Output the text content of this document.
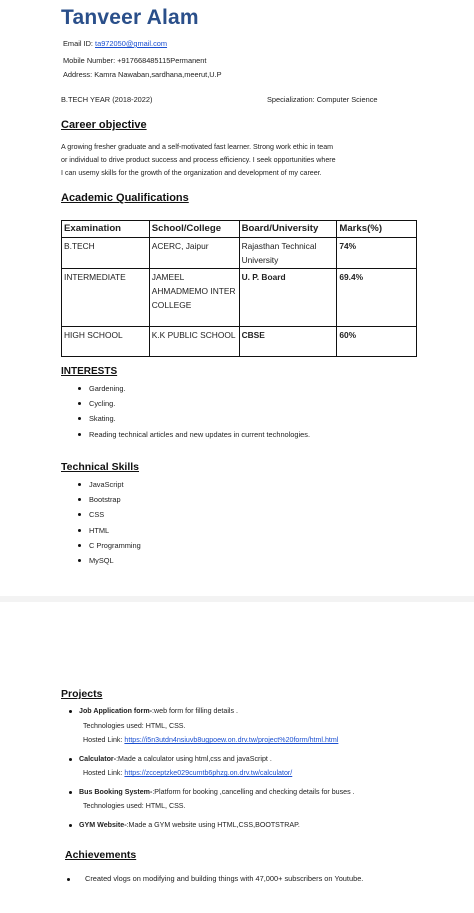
Tanveer Alam
Email ID: ta972050@gmail.com
Mobile Number: +917668485115Permanent
Address: Kamra Nawaban,sardhana,meerut,U.P
B.TECH YEAR (2018-2022)	Specialization: Computer Science
Career objective
A growing fresher graduate and a self-motivated fast learner. Strong work ethic in team
or individual to drive product success and process efficiency. I seek opportunities where
I can usemy skills for the growth of the organization and development of my career.
Academic Qualifications
Examination	School/College	Board/University	Marks(%)
B.TECH	ACERC, Jaipur	Rajasthan Technical University	74%
INTERMEDIATE	JAMEEL AHMADMEMO INTER COLLEGE	U. P. Board	69.4%
HIGH SCHOOL	K.K PUBLIC SCHOOL	CBSE	60%
INTERESTS
Gardening.
Cycling.
Skating.
Reading technical articles and new updates in current technologies.
Technical Skills
JavaScript
Bootstrap
CSS
HTML
C Programming
MySQL
Projects
Job Application form-:web form for filling details .
Technologies used: HTML, CSS.
Hosted Link: https://i5n3utdn4nsiuvb8ugpoew.on.drv.tw/project%20form/html.html
Calculator-:Made a calculator using html,css and javaScript .
Hosted Link: https://zcceptzke029cumtb6phzg.on.drv.tw/calculator/
Bus Booking System-:Platform for booking ,cancelling and checking details for buses .
Technologies used: HTML, CSS.
GYM Website-:Made a GYM website using HTML,CSS,BOOTSTRAP.
Achievements
Created vlogs on modifying and building things with 47,000+ subscribers on Youtube.
